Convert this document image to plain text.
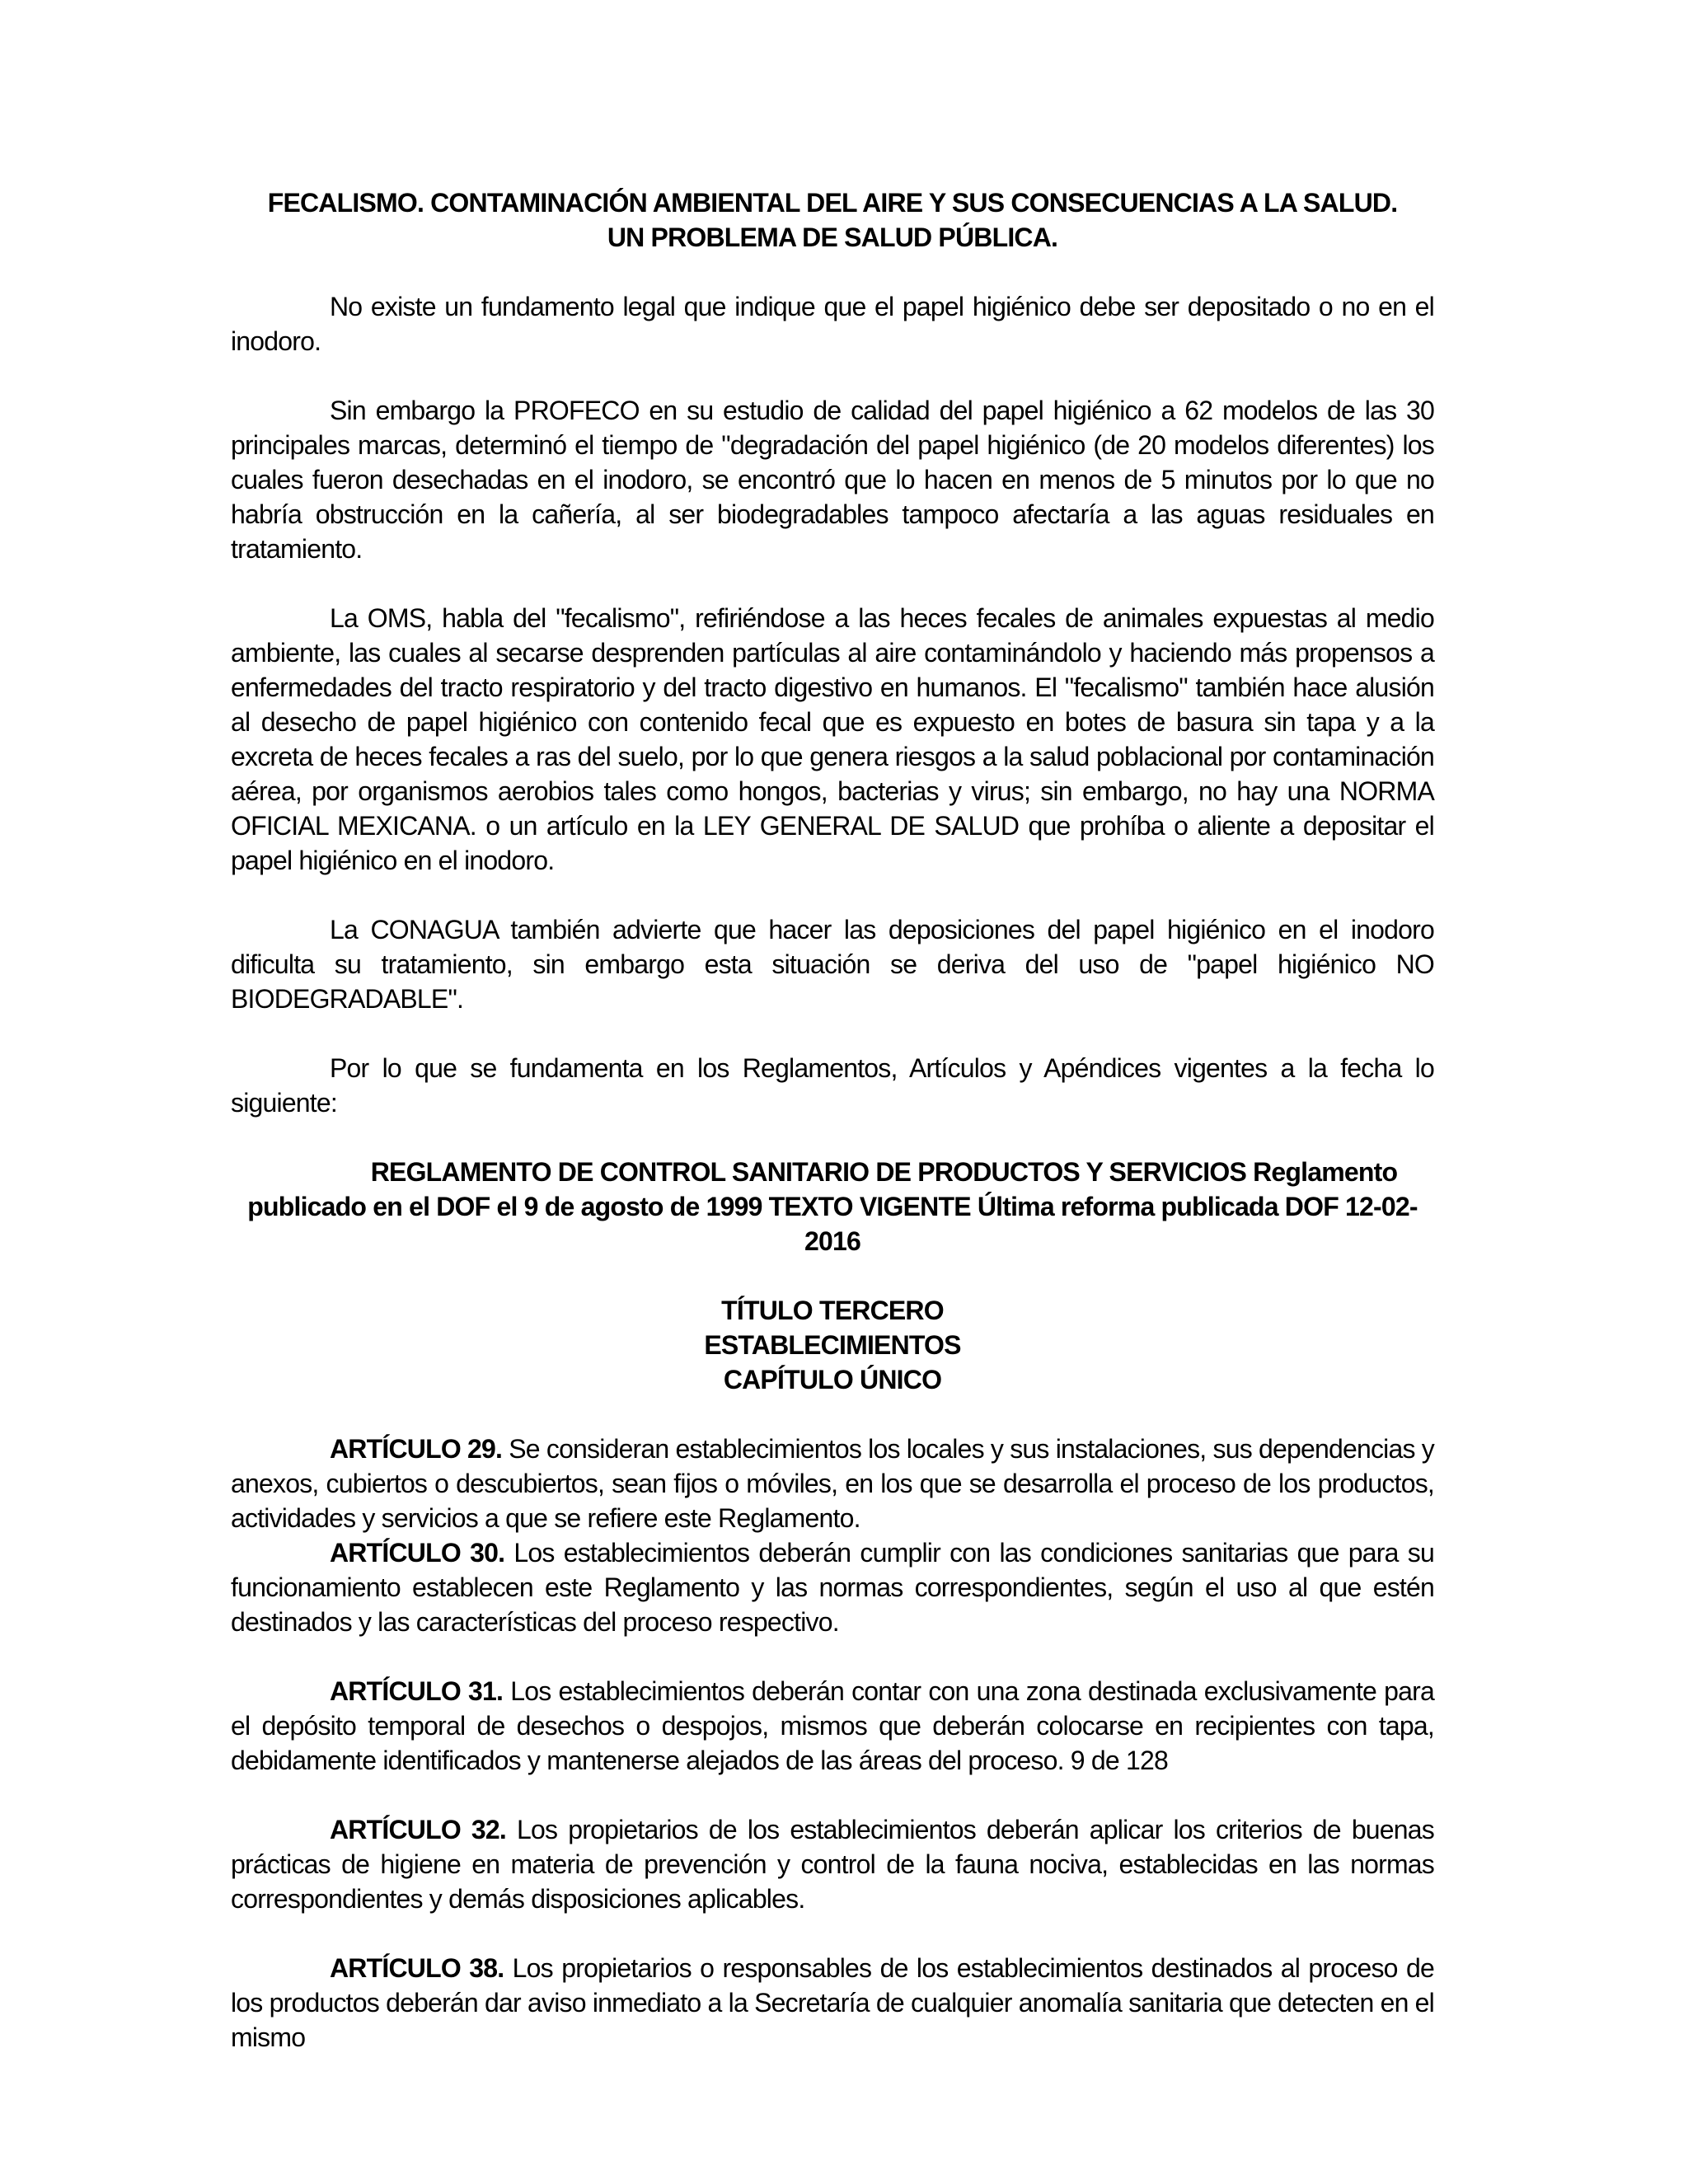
FECALISMO. CONTAMINACIÓN AMBIENTAL DEL AIRE Y SUS CONSECUENCIAS A LA SALUD.
UN PROBLEMA DE SALUD PÚBLICA.

No existe un fundamento legal que indique que el papel higiénico debe ser depositado o no en el inodoro.

Sin embargo la PROFECO en su estudio de calidad del papel higiénico a 62 modelos de las 30 principales marcas, determinó el tiempo de "degradación del papel higiénico (de 20 modelos diferentes) los cuales fueron desechadas en el inodoro, se encontró que lo hacen en menos de 5 minutos por lo que no habría obstrucción en la cañería, al ser biodegradables tampoco afectaría a las aguas residuales en tratamiento.

La OMS, habla del "fecalismo", refiriéndose a las heces fecales de animales expuestas al medio ambiente, las cuales al secarse desprenden partículas al aire contaminándolo y haciendo más propensos a enfermedades del tracto respiratorio y del tracto digestivo en humanos. El "fecalismo" también hace alusión al desecho de papel higiénico con contenido fecal que es expuesto en botes de basura sin tapa y a la excreta de heces fecales a ras del suelo, por lo que genera riesgos a la salud poblacional por contaminación aérea, por organismos aerobios tales como hongos, bacterias y virus; sin embargo, no hay una NORMA OFICIAL MEXICANA. o un artículo en la LEY GENERAL DE SALUD que prohíba o aliente a depositar el papel higiénico en el inodoro.

La CONAGUA también advierte que hacer las deposiciones del papel higiénico en el inodoro dificulta su tratamiento, sin embargo esta situación se deriva del uso de "papel higiénico NO BIODEGRADABLE".

Por lo que se fundamenta en los Reglamentos, Artículos y Apéndices vigentes a la fecha lo siguiente:

REGLAMENTO DE CONTROL SANITARIO DE PRODUCTOS Y SERVICIOS Reglamento publicado en el DOF el 9 de agosto de 1999 TEXTO VIGENTE Última reforma publicada DOF 12-02-2016
TÍTULO TERCERO
ESTABLECIMIENTOS
CAPÍTULO ÚNICO

ARTÍCULO 29. Se consideran establecimientos los locales y sus instalaciones, sus dependencias y anexos, cubiertos o descubiertos, sean fijos o móviles, en los que se desarrolla el proceso de los productos, actividades y servicios a que se refiere este Reglamento.

ARTÍCULO 30. Los establecimientos deberán cumplir con las condiciones sanitarias que para su funcionamiento establecen este Reglamento y las normas correspondientes, según el uso al que estén destinados y las características del proceso respectivo.

ARTÍCULO 31. Los establecimientos deberán contar con una zona destinada exclusivamente para el depósito temporal de desechos o despojos, mismos que deberán colocarse en recipientes con tapa, debidamente identificados y mantenerse alejados de las áreas del proceso. 9 de 128

ARTÍCULO 32. Los propietarios de los establecimientos deberán aplicar los criterios de buenas prácticas de higiene en materia de prevención y control de la fauna nociva, establecidas en las normas correspondientes y demás disposiciones aplicables.

ARTÍCULO 38. Los propietarios o responsables de los establecimientos destinados al proceso de los productos deberán dar aviso inmediato a la Secretaría de cualquier anomalía sanitaria que detecten en el mismo
